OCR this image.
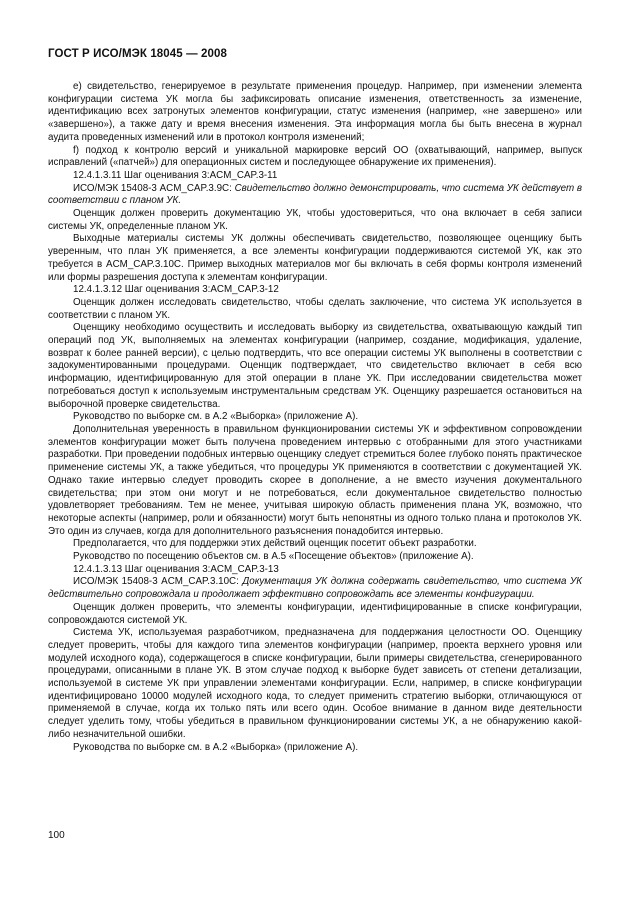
ГОСТ Р ИСО/МЭК 18045 — 2008

e) свидетельство, генерируемое в результате применения процедур. Например, при изменении элемента конфигурации система УК могла бы зафиксировать описание изменения, ответственность за изменение, идентификацию всех затронутых элементов конфигурации, статус изменения (например, «не завершено» или «завершено»), а также дату и время внесения изменения. Эта информация могла бы быть внесена в журнал аудита проведенных изменений или в протокол контроля изменений;

f) подход к контролю версий и уникальной маркировке версий ОО (охватывающий, например, выпуск исправлений («патчей») для операционных систем и последующее обнаружение их применения).

12.4.1.3.11 Шаг оценивания 3:ACM_CAP.3-11

ИСО/МЭК 15408-3 ACM_CAP.3.9C: Свидетельство должно демонстрировать, что система УК действует в соответствии с планом УК.

Оценщик должен проверить документацию УК, чтобы удостовериться, что она включает в себя записи системы УК, определенные планом УК.

Выходные материалы системы УК должны обеспечивать свидетельство, позволяющее оценщику быть уверенным, что план УК применяется, а все элементы конфигурации поддерживаются системой УК, как это требуется в ACM_CAP.3.10C. Пример выходных материалов мог бы включать в себя формы контроля изменений или формы разрешения доступа к элементам конфигурации.

12.4.1.3.12 Шаг оценивания 3:ACM_CAP.3-12

Оценщик должен исследовать свидетельство, чтобы сделать заключение, что система УК используется в соответствии с планом УК.

Оценщику необходимо осуществить и исследовать выборку из свидетельства, охватывающую каждый тип операций под УК, выполняемых на элементах конфигурации (например, создание, модификация, удаление, возврат к более ранней версии), с целью подтвердить, что все операции системы УК выполнены в соответствии с задокументированными процедурами. Оценщик подтверждает, что свидетельство включает в себя всю информацию, идентифицированную для этой операции в плане УК. При исследовании свидетельства может потребоваться доступ к используемым инструментальным средствам УК. Оценщику разрешается остановиться на выборочной проверке свидетельства.

Руководство по выборке см. в А.2 «Выборка» (приложение А).

Дополнительная уверенность в правильном функционировании системы УК и эффективном сопровождении элементов конфигурации может быть получена проведением интервью с отобранными для этого участниками разработки. При проведении подобных интервью оценщику следует стремиться более глубоко понять практическое применение системы УК, а также убедиться, что процедуры УК применяются в соответствии с документацией УК. Однако такие интервью следует проводить скорее в дополнение, а не вместо изучения документального свидетельства; при этом они могут и не потребоваться, если документальное свидетельство полностью удовлетворяет требованиям. Тем не менее, учитывая широкую область применения плана УК, возможно, что некоторые аспекты (например, роли и обязанности) могут быть непонятны из одного только плана и протоколов УК. Это один из случаев, когда для дополнительного разъяснения понадобится интервью.

Предполагается, что для поддержки этих действий оценщик посетит объект разработки.

Руководство по посещению объектов см. в А.5 «Посещение объектов» (приложение А).

12.4.1.3.13 Шаг оценивания 3:ACM_CAP.3-13

ИСО/МЭК 15408-3 ACM_CAP.3.10C: Документация УК должна содержать свидетельство, что система УК действительно сопровождала и продолжает эффективно сопровождать все элементы конфигурации.

Оценщик должен проверить, что элементы конфигурации, идентифицированные в списке конфигурации, сопровождаются системой УК.

Система УК, используемая разработчиком, предназначена для поддержания целостности ОО. Оценщику следует проверить, чтобы для каждого типа элементов конфигурации (например, проекта верхнего уровня или модулей исходного кода), содержащегося в списке конфигурации, были примеры свидетельства, сгенерированного процедурами, описанными в плане УК. В этом случае подход к выборке будет зависеть от степени детализации, используемой в системе УК при управлении элементами конфигурации. Если, например, в списке конфигурации идентифицировано 10000 модулей исходного кода, то следует применить стратегию выборки, отличающуюся от применяемой в случае, когда их только пять или всего один. Особое внимание в данном виде деятельности следует уделить тому, чтобы убедиться в правильном функционировании системы УК, а не обнаружению какой-либо незначительной ошибки.

Руководства по выборке см. в А.2 «Выборка» (приложение А).

100
